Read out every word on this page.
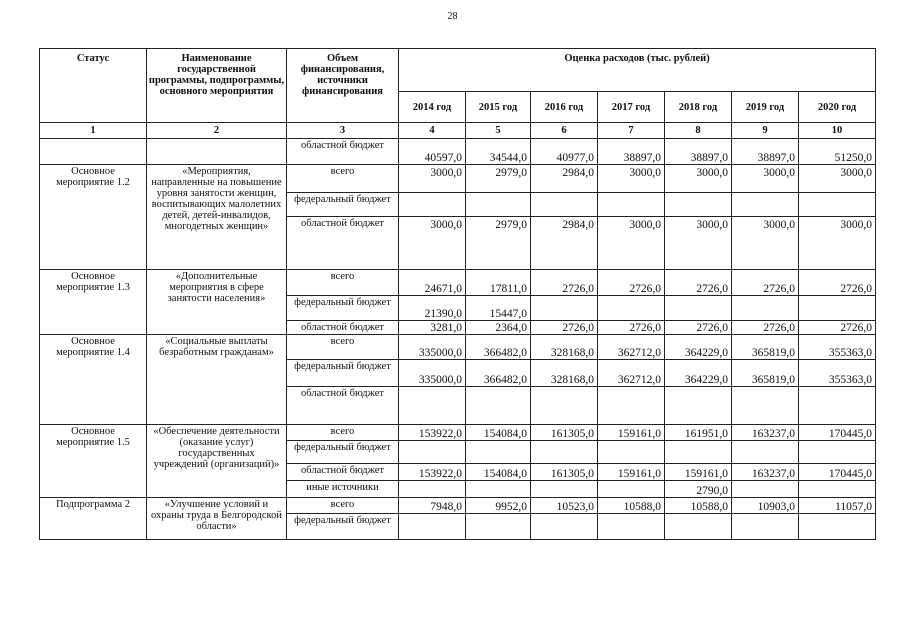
28
Статус	Наименование государственной программы, подпрограммы, основного мероприятия	Объем финансирования, источники финансирования	Оценка расходов (тыс. рублей)						
			2014 год	2015 год	2016 год	2017 год	2018 год	2019 год	2020 год
1	2	3	4	5	6	7	8	9	10
		областной бюджет	40597,0	34544,0	40977,0	38897,0	38897,0	38897,0	51250,0
Основное мероприятие 1.2	«Мероприятия, направленные на повышение уровня занятости женщин, воспитывающих малолетних детей, детей-инвалидов, многодетных женщин»	всего	3000,0	2979,0	2984,0	3000,0	3000,0	3000,0	3000,0
		федеральный бюджет							
		областной бюджет	3000,0	2979,0	2984,0	3000,0	3000,0	3000,0	3000,0
Основное мероприятие 1.3	«Дополнительные мероприятия в сфере занятости населения»	всего	24671,0	17811,0	2726,0	2726,0	2726,0	2726,0	2726,0
		федеральный бюджет	21390,0	15447,0					
		областной бюджет	3281,0	2364,0	2726,0	2726,0	2726,0	2726,0	2726,0
Основное мероприятие 1.4	«Социальные выплаты безработным гражданам»	всего	335000,0	366482,0	328168,0	362712,0	364229,0	365819,0	355363,0
		федеральный бюджет	335000,0	366482,0	328168,0	362712,0	364229,0	365819,0	355363,0
		областной бюджет							
Основное мероприятие 1.5	«Обеспечение деятельности (оказание услуг) государственных учреждений (организаций)»	всего	153922,0	154084,0	161305,0	159161,0	161951,0	163237,0	170445,0
		федеральный бюджет							
		областной бюджет	153922,0	154084,0	161305,0	159161,0	159161,0	163237,0	170445,0
		иные источники					2790,0		
Подпрограмма 2	«Улучшение условий и охраны труда в Белгородской области»	всего	7948,0	9952,0	10523,0	10588,0	10588,0	10903,0	11057,0
		федеральный бюджет							
